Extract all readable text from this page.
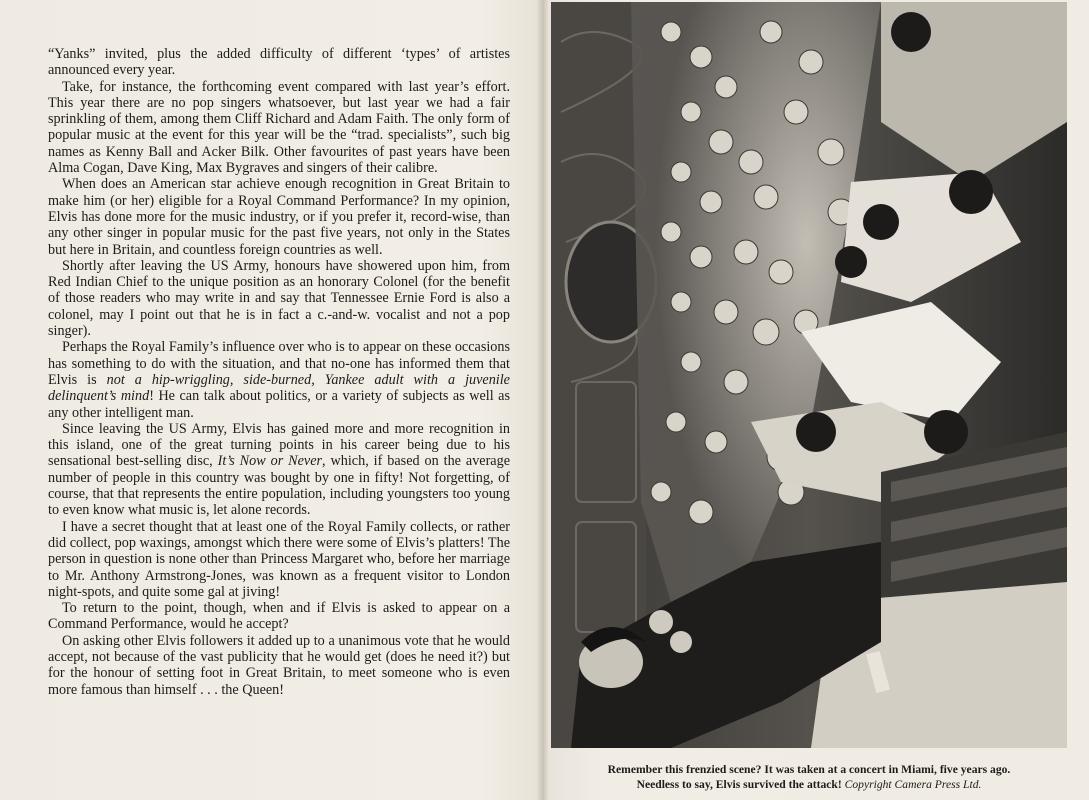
“Yanks” invited, plus the added difficulty of different ‘types’ of artistes announced every year.

Take, for instance, the forthcoming event compared with last year’s effort. This year there are no pop singers whatsoever, but last year we had a fair sprinkling of them, among them Cliff Richard and Adam Faith. The only form of popular music at the event for this year will be the “trad. specialists”, such big names as Kenny Ball and Acker Bilk. Other favourites of past years have been Alma Cogan, Dave King, Max Bygraves and singers of their calibre.

When does an American star achieve enough recognition in Great Britain to make him (or her) eligible for a Royal Command Performance? In my opinion, Elvis has done more for the music industry, or if you prefer it, record-wise, than any other singer in popular music for the past five years, not only in the States but here in Britain, and countless foreign countries as well.

Shortly after leaving the US Army, honours have showered upon him, from Red Indian Chief to the unique position as an honorary Colonel (for the benefit of those readers who may write in and say that Tennessee Ernie Ford is also a colonel, may I point out that he is in fact a c.-and-w. vocalist and not a pop singer).

Perhaps the Royal Family’s influence over who is to appear on these occasions has something to do with the situation, and that no-one has informed them that Elvis is not a hip-wriggling, side-burned, Yankee adult with a juvenile delinquent’s mind! He can talk about politics, or a variety of subjects as well as any other intelligent man.

Since leaving the US Army, Elvis has gained more and more recognition in this island, one of the great turning points in his career being due to his sensational best-selling disc, It’s Now or Never, which, if based on the average number of people in this country was bought by one in fifty! Not forgetting, of course, that that represents the entire population, including youngsters too young to even know what music is, let alone records.

I have a secret thought that at least one of the Royal Family collects, or rather did collect, pop waxings, amongst which there were some of Elvis’s platters! The person in question is none other than Princess Margaret who, before her marriage to Mr. Anthony Armstrong-Jones, was known as a frequent visitor to London night-spots, and quite some gal at jiving!

To return to the point, though, when and if Elvis is asked to appear on a Command Performance, would he accept?

On asking other Elvis followers it added up to a unanimous vote that he would accept, not because of the vast publicity that he would get (does he need it?) but for the honour of setting foot in Great Britain, to meet someone who is even more famous than himself . . . the Queen!

Remember this frenzied scene? It was taken at a concert in Miami, five years ago.
Needless to say, Elvis survived the attack! Copyright Camera Press Ltd.
